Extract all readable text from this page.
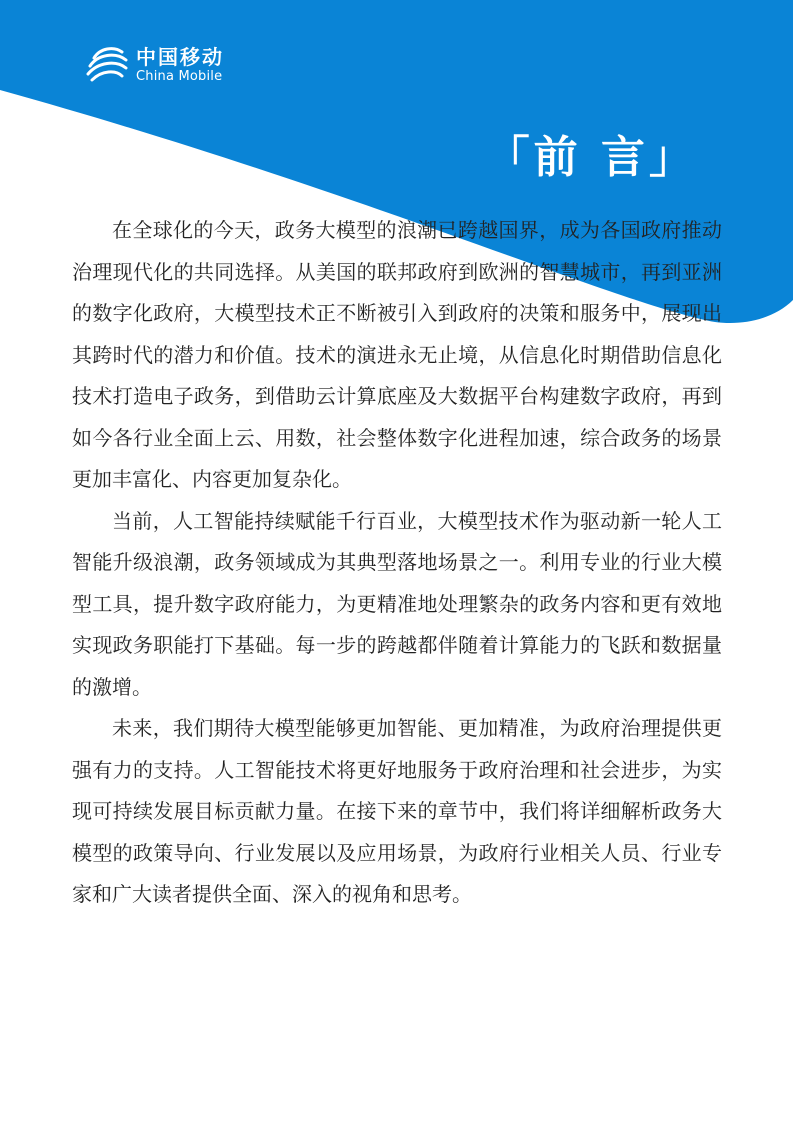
中国移动
China Mobile
「前 言」

在全球化的今天，政务大模型的浪潮已跨越国界，成为各国政府推动治理现代化的共同选择。从美国的联邦政府到欧洲的智慧城市，再到亚洲的数字化政府，大模型技术正不断被引入到政府的决策和服务中，展现出其跨时代的潜力和价值。技术的演进永无止境，从信息化时期借助信息化技术打造电子政务，到借助云计算底座及大数据平台构建数字政府，再到如今各行业全面上云、用数，社会整体数字化进程加速，综合政务的场景更加丰富化、内容更加复杂化。

当前，人工智能持续赋能千行百业，大模型技术作为驱动新一轮人工智能升级浪潮，政务领域成为其典型落地场景之一。利用专业的行业大模型工具，提升数字政府能力，为更精准地处理繁杂的政务内容和更有效地实现政务职能打下基础。每一步的跨越都伴随着计算能力的飞跃和数据量的激增。

未来，我们期待大模型能够更加智能、更加精准，为政府治理提供更强有力的支持。人工智能技术将更好地服务于政府治理和社会进步，为实现可持续发展目标贡献力量。在接下来的章节中，我们将详细解析政务大模型的政策导向、行业发展以及应用场景，为政府行业相关人员、行业专家和广大读者提供全面、深入的视角和思考。
